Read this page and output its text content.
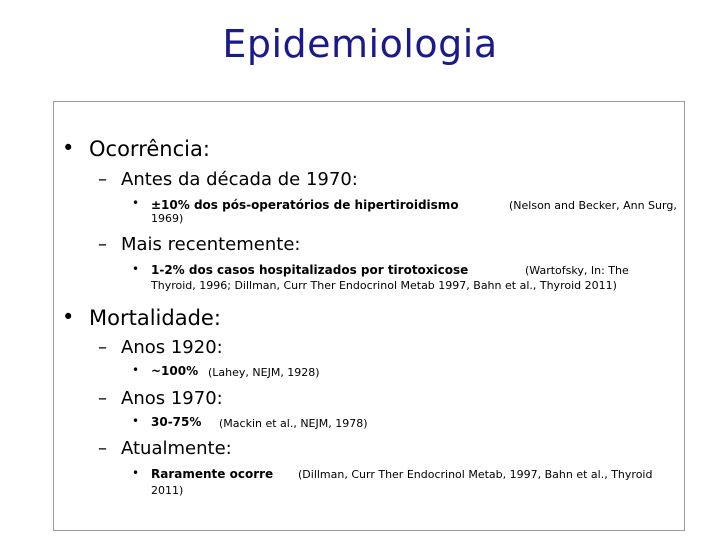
Epidemiologia
• Ocorrência:
– Antes da década de 1970:
• ±10% dos pós-operatórios de hipertiroidismo	(Nelson and Becker, Ann Surg,
1969)
– Mais recentemente:
• 1-2% dos casos hospitalizados por tirotoxicose	(Wartofsky, In: The
Thyroid, 1996; Dillman, Curr Ther Endocrinol Metab 1997, Bahn et al., Thyroid 2011)
• Mortalidade:
– Anos 1920:
• ~100% (Lahey, NEJM, 1928)
– Anos 1970:
• 30-75% (Mackin et al., NEJM, 1978)
– Atualmente:
• Raramente ocorre (Dillman, Curr Ther Endocrinol Metab, 1997, Bahn et al., Thyroid
2011)
